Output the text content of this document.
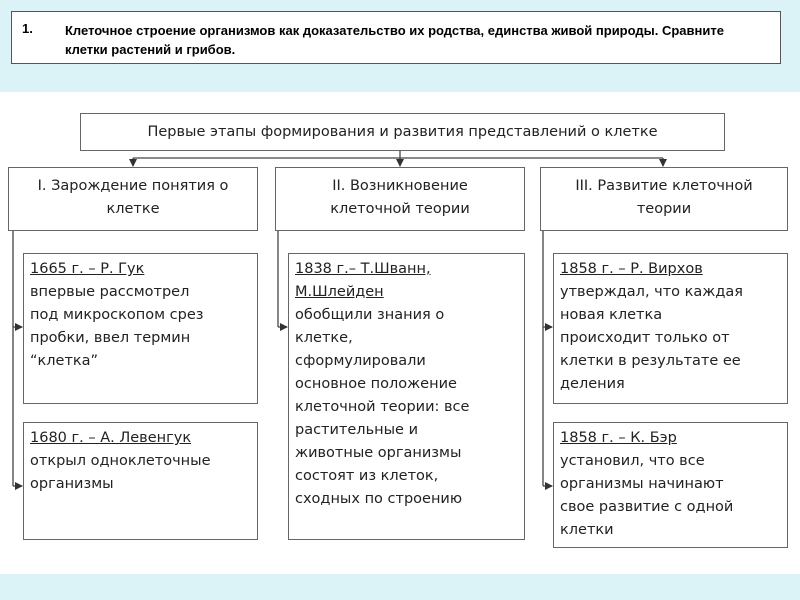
1. Клеточное строение организмов как доказательство их родства, единства живой природы. Сравните клетки растений и грибов.
Первые этапы формирования и развития представлений о клетке
I. Зарождение понятия о
клетке
II. Возникновение
клеточной теории
III. Развитие клеточной
теории
1665 г. – Р. Гук
впервые рассмотрел
под микроскопом срез
пробки, ввел термин
“клетка”
1680 г. – А. Левенгук
открыл одноклеточные
организмы
1838 г.– Т.Шванн,
М.Шлейден
обобщили знания о
клетке,
сформулировали
основное положение
клеточной теории: все
растительные и
животные организмы
состоят из клеток,
сходных по строению
1858 г. – Р. Вирхов
утверждал, что каждая
новая клетка
происходит только от
клетки в результате ее
деления
1858 г. – К. Бэр
установил, что все
организмы начинают
свое развитие с одной
клетки
